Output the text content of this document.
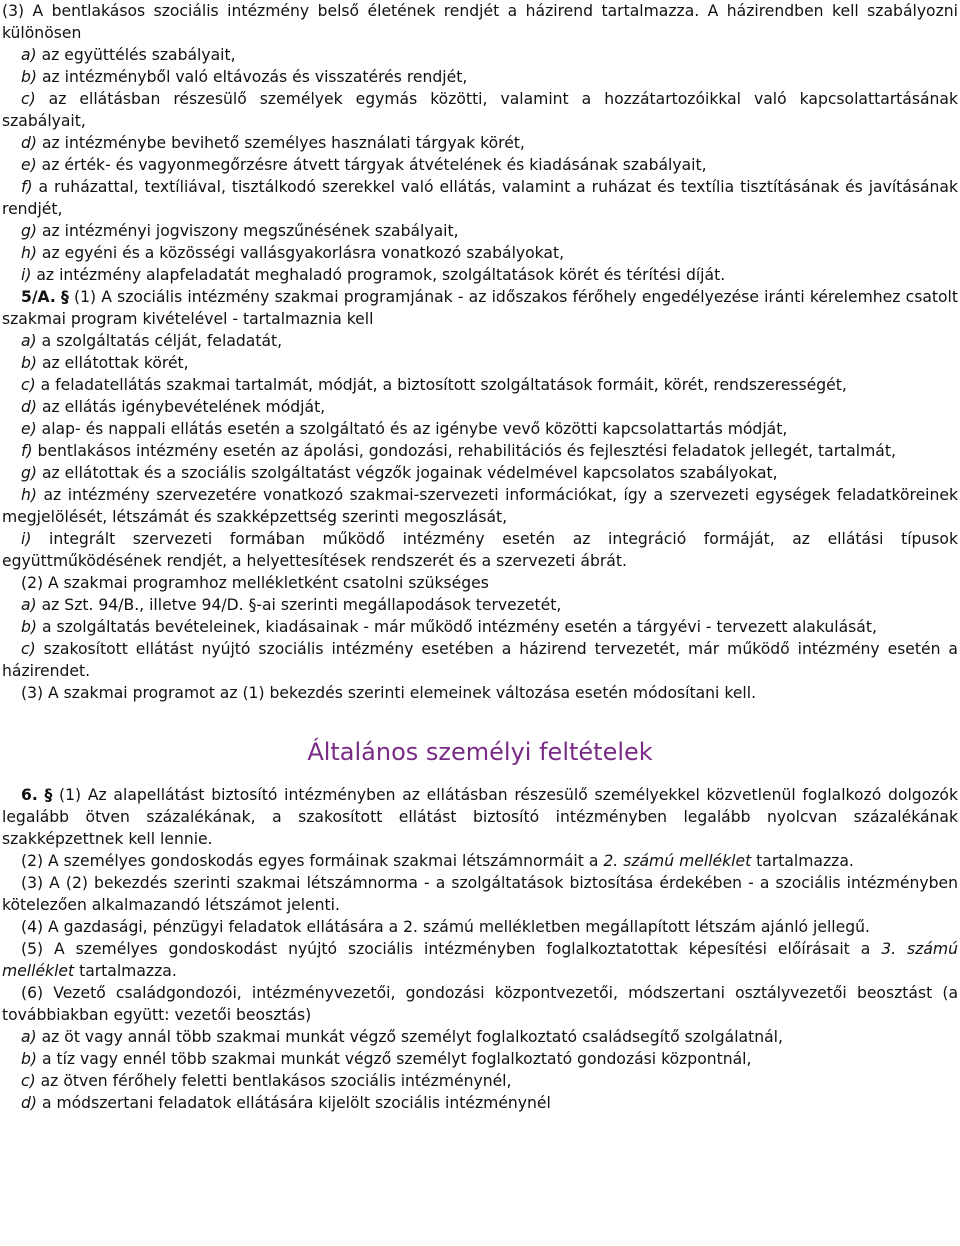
(3) A bentlakásos szociális intézmény belső életének rendjét a házirend tartalmazza. A házirendben kell szabályozni különösen

a) az együttélés szabályait,

b) az intézményből való eltávozás és visszatérés rendjét,

c) az ellátásban részesülő személyek egymás közötti, valamint a hozzátartozóikkal való kapcsolattartásának szabályait,

d) az intézménybe bevihető személyes használati tárgyak körét,

e) az érték- és vagyonmegőrzésre átvett tárgyak átvételének és kiadásának szabályait,

f) a ruházattal, textíliával, tisztálkodó szerekkel való ellátás, valamint a ruházat és textília tisztításának és javításának rendjét,

g) az intézményi jogviszony megszűnésének szabályait,

h) az egyéni és a közösségi vallásgyakorlásra vonatkozó szabályokat,

i) az intézmény alapfeladatát meghaladó programok, szolgáltatások körét és térítési díját.

5/A. § (1) A szociális intézmény szakmai programjának - az időszakos férőhely engedélyezése iránti kérelemhez csatolt szakmai program kivételével - tartalmaznia kell

a) a szolgáltatás célját, feladatát,

b) az ellátottak körét,

c) a feladatellátás szakmai tartalmát, módját, a biztosított szolgáltatások formáit, körét, rendszerességét,

d) az ellátás igénybevételének módját,

e) alap- és nappali ellátás esetén a szolgáltató és az igénybe vevő közötti kapcsolattartás módját,

f) bentlakásos intézmény esetén az ápolási, gondozási, rehabilitációs és fejlesztési feladatok jellegét, tartalmát,

g) az ellátottak és a szociális szolgáltatást végzők jogainak védelmével kapcsolatos szabályokat,

h) az intézmény szervezetére vonatkozó szakmai-szervezeti információkat, így a szervezeti egységek feladatköreinek megjelölését, létszámát és szakképzettség szerinti megoszlását,

i) integrált szervezeti formában működő intézmény esetén az integráció formáját, az ellátási típusok együttműködésének rendjét, a helyettesítések rendszerét és a szervezeti ábrát.

(2) A szakmai programhoz mellékletként csatolni szükséges

a) az Szt. 94/B., illetve 94/D. §-ai szerinti megállapodások tervezetét,

b) a szolgáltatás bevételeinek, kiadásainak - már működő intézmény esetén a tárgyévi - tervezett alakulását,

c) szakosított ellátást nyújtó szociális intézmény esetében a házirend tervezetét, már működő intézmény esetén a házirendet.

(3) A szakmai programot az (1) bekezdés szerinti elemeinek változása esetén módosítani kell.

Általános személyi feltételek

6. § (1) Az alapellátást biztosító intézményben az ellátásban részesülő személyekkel közvetlenül foglalkozó dolgozók legalább ötven százalékának, a szakosított ellátást biztosító intézményben legalább nyolcvan százalékának szakképzettnek kell lennie.

(2) A személyes gondoskodás egyes formáinak szakmai létszámnormáit a 2. számú melléklet tartalmazza.

(3) A (2) bekezdés szerinti szakmai létszámnorma - a szolgáltatások biztosítása érdekében - a szociális intézményben kötelezően alkalmazandó létszámot jelenti.

(4) A gazdasági, pénzügyi feladatok ellátására a 2. számú mellékletben megállapított létszám ajánló jellegű.

(5) A személyes gondoskodást nyújtó szociális intézményben foglalkoztatottak képesítési előírásait a 3. számú melléklet tartalmazza.

(6) Vezető családgondozói, intézményvezetői, gondozási központvezetői, módszertani osztályvezetői beosztást (a továbbiakban együtt: vezetői beosztás)

a) az öt vagy annál több szakmai munkát végző személyt foglalkoztató családsegítő szolgálatnál,

b) a tíz vagy ennél több szakmai munkát végző személyt foglalkoztató gondozási központnál,

c) az ötven férőhely feletti bentlakásos szociális intézménynél,

d) a módszertani feladatok ellátására kijelölt szociális intézménynél
